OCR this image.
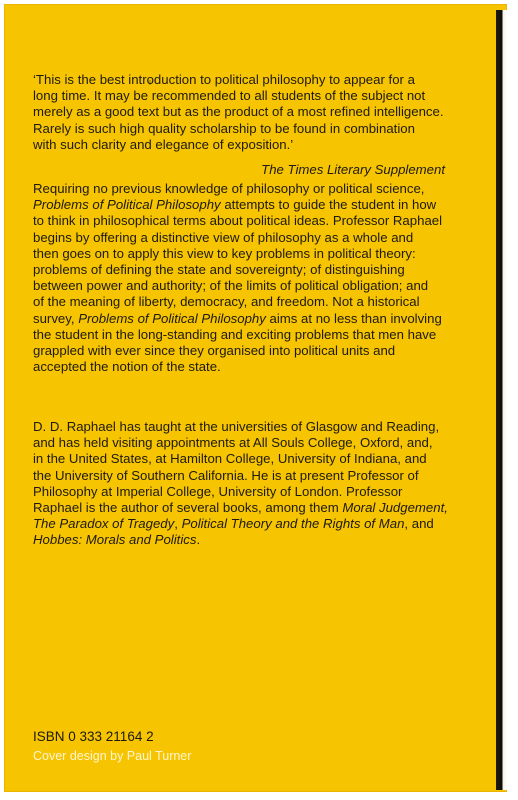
‘This is the best introduction to political philosophy to appear for a

long time. It may be recommended to all students of the subject not

merely as a good text but as the product of a most refined intelligence.

Rarely is such high quality scholarship to be found in combination

with such clarity and elegance of exposition.’

The Times Literary Supplement

Requiring no previous knowledge of philosophy or political science,

Problems of Political Philosophy attempts to guide the student in how

to think in philosophical terms about political ideas. Professor Raphael

begins by offering a distinctive view of philosophy as a whole and

then goes on to apply this view to key problems in political theory:

problems of defining the state and sovereignty; of distinguishing

between power and authority; of the limits of political obligation; and

of the meaning of liberty, democracy, and freedom. Not a historical

survey, Problems of Political Philosophy aims at no less than involving

the student in the long-standing and exciting problems that men have

grappled with ever since they organised into political units and

accepted the notion of the state.

D. D. Raphael has taught at the universities of Glasgow and Reading,

and has held visiting appointments at All Souls College, Oxford, and,

in the United States, at Hamilton College, University of Indiana, and

the University of Southern California. He is at present Professor of

Philosophy at Imperial College, University of London. Professor

Raphael is the author of several books, among them Moral Judgement,

The Paradox of Tragedy, Political Theory and the Rights of Man, and

Hobbes: Morals and Politics.

ISBN 0 333 21164 2
Cover design by Paul Turner
